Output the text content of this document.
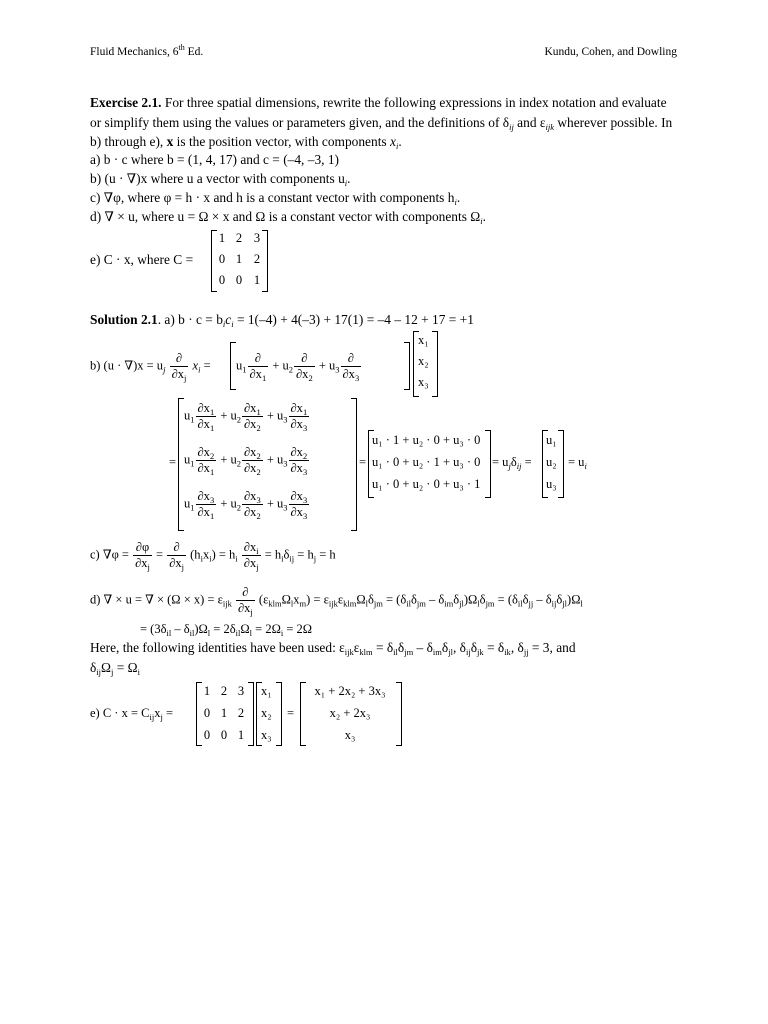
Fluid Mechanics, 6th Ed.	Kundu, Cohen, and Dowling
Exercise 2.1. For three spatial dimensions, rewrite the following expressions in index notation and evaluate or simplify them using the values or parameters given, and the definitions of $\delta_{ij}$ and $\varepsilon_{ijk}$ wherever possible. In b) through e), x is the position vector, with components $x_i$.
a) b · c where b = (1, 4, 17) and c = (–4, –3, 1)
b) (u · ∇)x where u a vector with components $u_i$.
c) ∇φ, where φ = h · x and h is a constant vector with components $h_i$.
d) ∇ × u, where u = Ω × x and Ω is a constant vector with components $\Omega_i$.
e) C · x, where C =
1 2 3
0 1 2
0 0 1
Solution 2.1. a) $b \cdot c = b_ic_i = 1(-4) + 4(-3) + 17(1) = -4 - 12 + 17 = +1$
b) $(u \cdot \nabla)x = u_j \frac{\partial}{\partial x_j} x_i = u_1 \frac{\partial}{\partial x_1} + u_2 \frac{\partial}{\partial x_2} + u_3 \frac{\partial}{\partial x_3}$
x₁
x₂
x₃
=
$u_1 \frac{\partial x_1}{\partial x_1} + u_2 \frac{\partial x_1}{\partial x_2} + u_3 \frac{\partial x_1}{\partial x_3}$
$u_1 \frac{\partial x_2}{\partial x_1} + u_2 \frac{\partial x_2}{\partial x_2} + u_3 \frac{\partial x_2}{\partial x_3}$
$u_1 \frac{\partial x_3}{\partial x_1} + u_2 \frac{\partial x_3}{\partial x_2} + u_3 \frac{\partial x_3}{\partial x_3}$
=
u₁ · 1 + u₂ · 0 + u₃ · 0
u₁ · 0 + u₂ · 1 + u₃ · 0
u₁ · 0 + u₂ · 0 + u₃ · 1
= $u_j\delta_{ij}$ =
u₁
u₂
u₃
= $u_i$
c) $\nabla\varphi = \frac{\partial\varphi}{\partial x_j} = \frac{\partial}{\partial x_j} (h_ix_i) = h_i \frac{\partial x_i}{\partial x_j} = h_i\delta_{ij} = h_j = h$
d) ∇ × u = ∇ × $(\Omega \times x) = \varepsilon_{ijk} \frac{\partial}{\partial x_j} (\varepsilon_{klm}\Omega_lx_m) = \varepsilon_{ijk}\varepsilon_{klm}\Omega_l\delta_{jm} = (\delta_{il}\delta_{jm} - \delta_{im}\delta_{jl})\Omega_l\delta_{jm} = (\delta_{il}\delta_{jj} - \delta_{ij}\delta_{jl})\Omega_l$
= $(3\delta_{il} - \delta_{il})\Omega_l = 2\delta_{il}\Omega_l = 2\Omega_i = 2\Omega$
Here, the following identities have been used: $\varepsilon_{ijk}\varepsilon_{klm} = \delta_{il}\delta_{jm} - \delta_{im}\delta_{jl}$, $\delta_{ij}\delta_{jk} = \delta_{ik}$, $\delta_{jj} = 3$, and
$\delta_{ij}\Omega_j = \Omega_i$
e) $C \cdot x = C_{ij}x_j$ =
1 2 3
0 1 2
0 0 1
x₁
x₂
x₃
=
x₁ + 2x₂ + 3x₃
x₂ + 2x₃
x₃
